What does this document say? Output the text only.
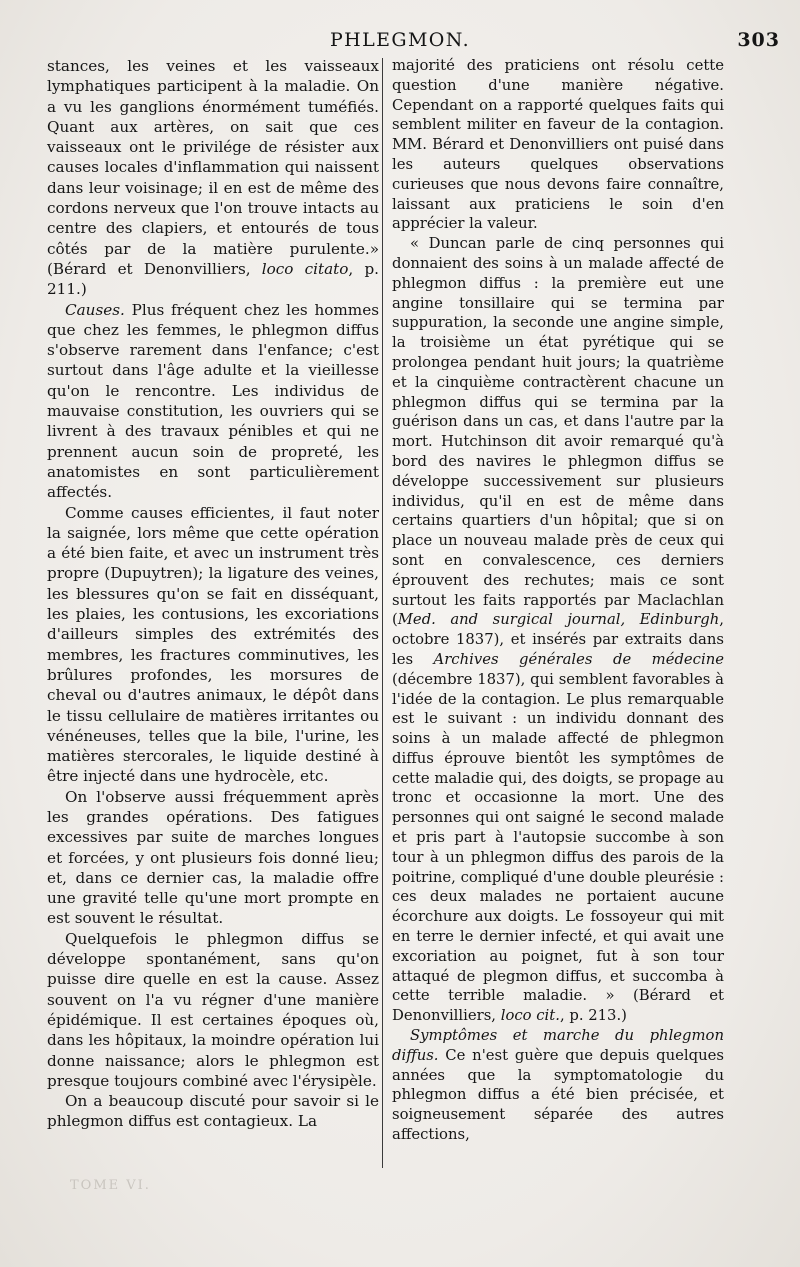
PHLEGMON.	303

stances, les veines et les vaisseaux lymphatiques participent à la maladie. On a vu les ganglions énormément tuméfiés. Quant aux artères, on sait que ces vaisseaux ont le privilége de résister aux causes locales d'inflammation qui naissent dans leur voisinage; il en est de même des cordons nerveux que l'on trouve intacts au centre des clapiers, et entourés de tous côtés par de la matière purulente.» (Bérard et Denonvilliers, loco citato, p. 211.)

Causes. Plus fréquent chez les hommes que chez les femmes, le phlegmon diffus s'observe rarement dans l'enfance; c'est surtout dans l'âge adulte et la vieillesse qu'on le rencontre. Les individus de mauvaise constitution, les ouvriers qui se livrent à des travaux pénibles et qui ne prennent aucun soin de propreté, les anatomistes en sont particulièrement affectés.

Comme causes efficientes, il faut noter la saignée, lors même que cette opération a été bien faite, et avec un instrument très propre (Dupuytren); la ligature des veines, les blessures qu'on se fait en disséquant, les plaies, les contusions, les excoriations d'ailleurs simples des extrémités des membres, les fractures comminutives, les brûlures profondes, les morsures de cheval ou d'autres animaux, le dépôt dans le tissu cellulaire de matières irritantes ou vénéneuses, telles que la bile, l'urine, les matières stercorales, le liquide destiné à être injecté dans une hydrocèle, etc.

On l'observe aussi fréquemment après les grandes opérations. Des fatigues excessives par suite de marches longues et forcées, y ont plusieurs fois donné lieu; et, dans ce dernier cas, la maladie offre une gravité telle qu'une mort prompte en est souvent le résultat.

Quelquefois le phlegmon diffus se développe spontanément, sans qu'on puisse dire quelle en est la cause. Assez souvent on l'a vu régner d'une manière épidémique. Il est certaines époques où, dans les hôpitaux, la moindre opération lui donne naissance; alors le phlegmon est presque toujours combiné avec l'érysipèle.

On a beaucoup discuté pour savoir si le phlegmon diffus est contagieux. La

majorité des praticiens ont résolu cette question d'une manière négative. Cependant on a rapporté quelques faits qui semblent militer en faveur de la contagion. MM. Bérard et Denonvilliers ont puisé dans les auteurs quelques observations curieuses que nous devons faire connaître, laissant aux praticiens le soin d'en apprécier la valeur.

« Duncan parle de cinq personnes qui donnaient des soins à un malade affecté de phlegmon diffus : la première eut une angine tonsillaire qui se termina par suppuration, la seconde une angine simple, la troisième un état pyrétique qui se prolongea pendant huit jours; la quatrième et la cinquième contractèrent chacune un phlegmon diffus qui se termina par la guérison dans un cas, et dans l'autre par la mort. Hutchinson dit avoir remarqué qu'à bord des navires le phlegmon diffus se développe successivement sur plusieurs individus, qu'il en est de même dans certains quartiers d'un hôpital; que si on place un nouveau malade près de ceux qui sont en convalescence, ces derniers éprouvent des rechutes; mais ce sont surtout les faits rapportés par Maclachlan (Med. and surgical journal, Edinburgh, octobre 1837), et insérés par extraits dans les Archives générales de médecine (décembre 1837), qui semblent favorables à l'idée de la contagion. Le plus remarquable est le suivant : un individu donnant des soins à un malade affecté de phlegmon diffus éprouve bientôt les symptômes de cette maladie qui, des doigts, se propage au tronc et occasionne la mort. Une des personnes qui ont saigné le second malade et pris part à l'autopsie succombe à son tour à un phlegmon diffus des parois de la poitrine, compliqué d'une double pleurésie : ces deux malades ne portaient aucune écorchure aux doigts. Le fossoyeur qui mit en terre le dernier infecté, et qui avait une excoriation au poignet, fut à son tour attaqué de plegmon diffus, et succomba à cette terrible maladie. » (Bérard et Denonvilliers, loco cit., p. 213.)

Symptômes et marche du phlegmon diffus. Ce n'est guère que depuis quelques années que la symptomatologie du phlegmon diffus a été bien précisée, et soigneusement séparée des autres affections,

TOME VI.
